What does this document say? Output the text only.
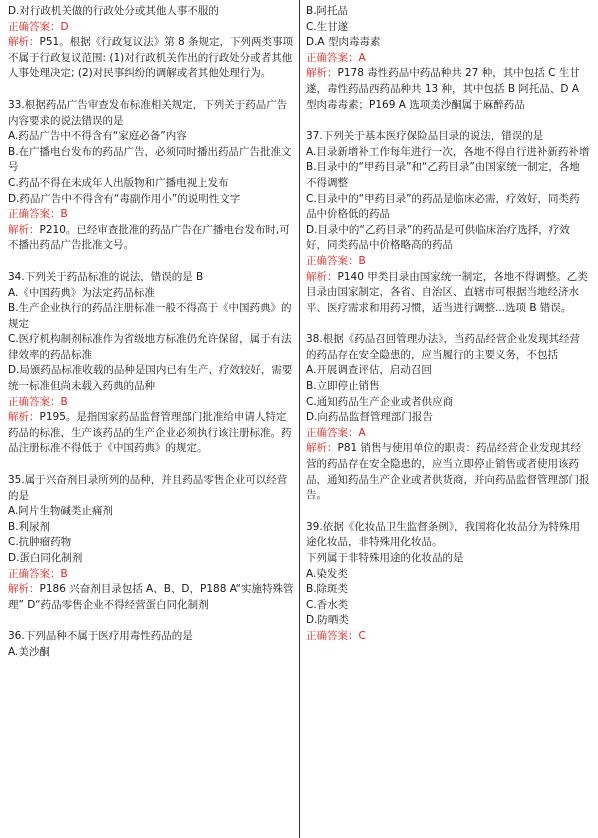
D.对行政机关做的行政处分或其他人事不服的
正确答案：D
解析：P51。根据《行政复议法》第 8 条规定，下列两类事项不属于行政复议范围: (1)对行政机关作出的行政处分或者其他人事处理决定; (2)对民事纠纷的调解或者其他处理行为。
33.根据药品广告审查发布标准相关规定，下列关于药品广告内容要求的说法错误的是
A.药品广告中不得含有“家庭必备”内容
B.在广播电台发布的药品广告，必须同时播出药品广告批准文号
C.药品不得在未成年人出版物和广播电视上发布
D.药品广告中不得含有“毒副作用小”的说明性文字
正确答案：B
解析：P210。已经审查批准的药品广告在广播电台发布时,可不播出药品广告批准文号。
34.下列关于药品标准的说法，错误的是 B
A.《中国药典》为法定药品标准
B.生产企业执行的药品注册标准一般不得高于《中国药典》的规定
C.医疗机构制剂标准作为省级地方标准仍允许保留，属于有法律效率的药品标准
D.局颁药品标准收载的品种是国内已有生产、疗效较好，需要统一标准但尚未载入药典的品种
正确答案：B
解析：P195。是指国家药品监督管理部门批准给申请人特定药品的标准，生产该药品的生产企业必须执行该注册标准。药品注册标准不得低于《中国药典》的规定。
35.属于兴奋剂目录所列的品种，并且药品零售企业可以经营的是
A.阿片生物碱类止痛剂
B.利尿剂
C.抗肿瘤药物
D.蛋白同化制剂
正确答案：B
解析：P186 兴奋剂目录包括 A、B、D，P188 A“实施特殊管理” D“药品零售企业不得经营蛋白同化制剂
36.下列品种不属于医疗用毒性药品的是
A.美沙酮
B.阿托品
C.生甘遂
D.A 型肉毒毒素
正确答案：A
解析：P178 毒性药品中药品种共 27 种，其中包括 C 生甘遂，毒性药品西药品种共 13 种，其中包括 B 阿托品、D A 型肉毒毒素；P169 A 选项美沙酮属于麻醉药品
37.下列关于基本医疗保险品目录的说法，错误的是
A.目录新增补工作每年进行一次，各地不得自行进补新药补增
B.目录中的“甲药目录”和“乙药目录”由国家统一制定，各地不得调整
C.目录中的“甲药目录”的药品是临床必需，疗效好，同类药品中价格低的药品
D.目录中的“乙药目录”的药品是可供临床治疗选择，疗效好，同类药品中价格略高的药品
正确答案：B
解析：P140 甲类目录由国家统一制定，各地不得调整。乙类目录由国家制定，各省、自治区、直辖市可根据当地经济水平、医疗需求和用药习惯，适当进行调整...选项 B 错误。
38.根据《药品召回管理办法》，当药品经营企业发现其经营的药品存在安全隐患的，应当履行的主要义务，不包括
A.开展调查评估，启动召回
B.立即停止销售
C.通知药品生产企业或者供应商
D.向药品监督管理部门报告
正确答案：A
解析：P81 销售与使用单位的职责：药品经营企业发现其经营的药品存在安全隐患的，应当立即停止销售或者使用该药品，通知药品生产企业或者供货商，并向药品监督管理部门报告。
39.依据《化妆品卫生监督条例》，我国将化妆品分为特殊用途化妆品，非特殊用化妆品。
下列属于非特殊用途的化妆品的是
A.染发类
B.除斑类
C.香水类
D.防晒类
正确答案：C
